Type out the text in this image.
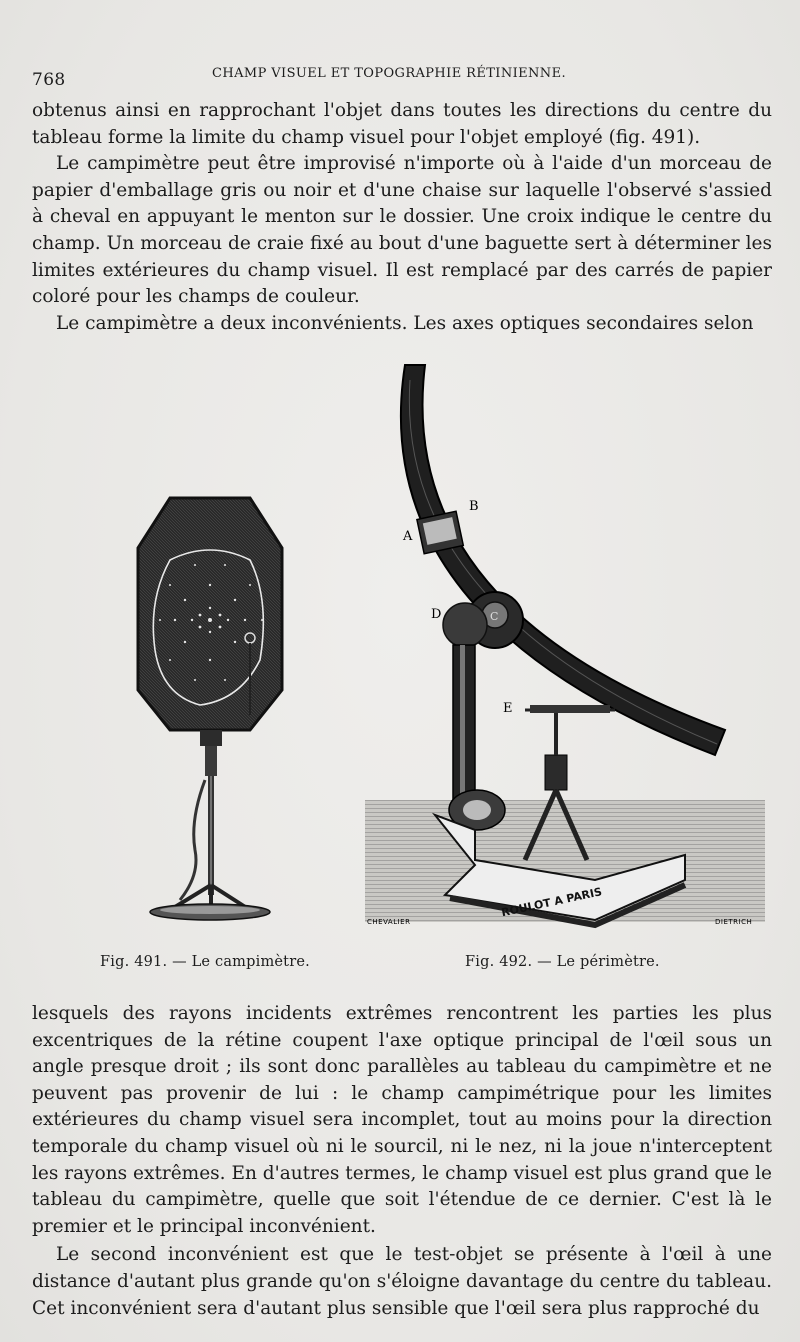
768	CHAMP VISUEL ET TOPOGRAPHIE RÉTINIENNE.

obtenus ainsi en rapprochant l'objet dans toutes les directions du centre du tableau forme la limite du champ visuel pour l'objet employé (fig. 491).

Le campimètre peut être improvisé n'importe où à l'aide d'un morceau de papier d'emballage gris ou noir et d'une chaise sur laquelle l'observé s'assied à cheval en appuyant le menton sur le dossier. Une croix indique le centre du champ. Un morceau de craie fixé au bout d'une baguette sert à déterminer les limites extérieures du champ visuel. Il est remplacé par des carrés de papier coloré pour les champs de couleur.

Le campimètre a deux inconvénients. Les axes optiques secondaires selon

ROULOT A PARIS
A
B
C
D
E
CHEVALIER	DIETRICH
Fig. 491. — Le campimètre.	Fig. 492. — Le périmètre.

lesquels des rayons incidents extrêmes rencontrent les parties les plus excentriques de la rétine coupent l'axe optique principal de l'œil sous un angle presque droit ; ils sont donc parallèles au tableau du campimètre et ne peuvent pas provenir de lui : le champ campimétrique pour les limites extérieures du champ visuel sera incomplet, tout au moins pour la direction temporale du champ visuel où ni le sourcil, ni le nez, ni la joue n'interceptent les rayons extrêmes. En d'autres termes, le champ visuel est plus grand que le tableau du campimètre, quelle que soit l'étendue de ce dernier. C'est là le premier et le principal inconvénient.

Le second inconvénient est que le test-objet se présente à l'œil à une distance d'autant plus grande qu'on s'éloigne davantage du centre du tableau. Cet inconvénient sera d'autant plus sensible que l'œil sera plus rapproché du
